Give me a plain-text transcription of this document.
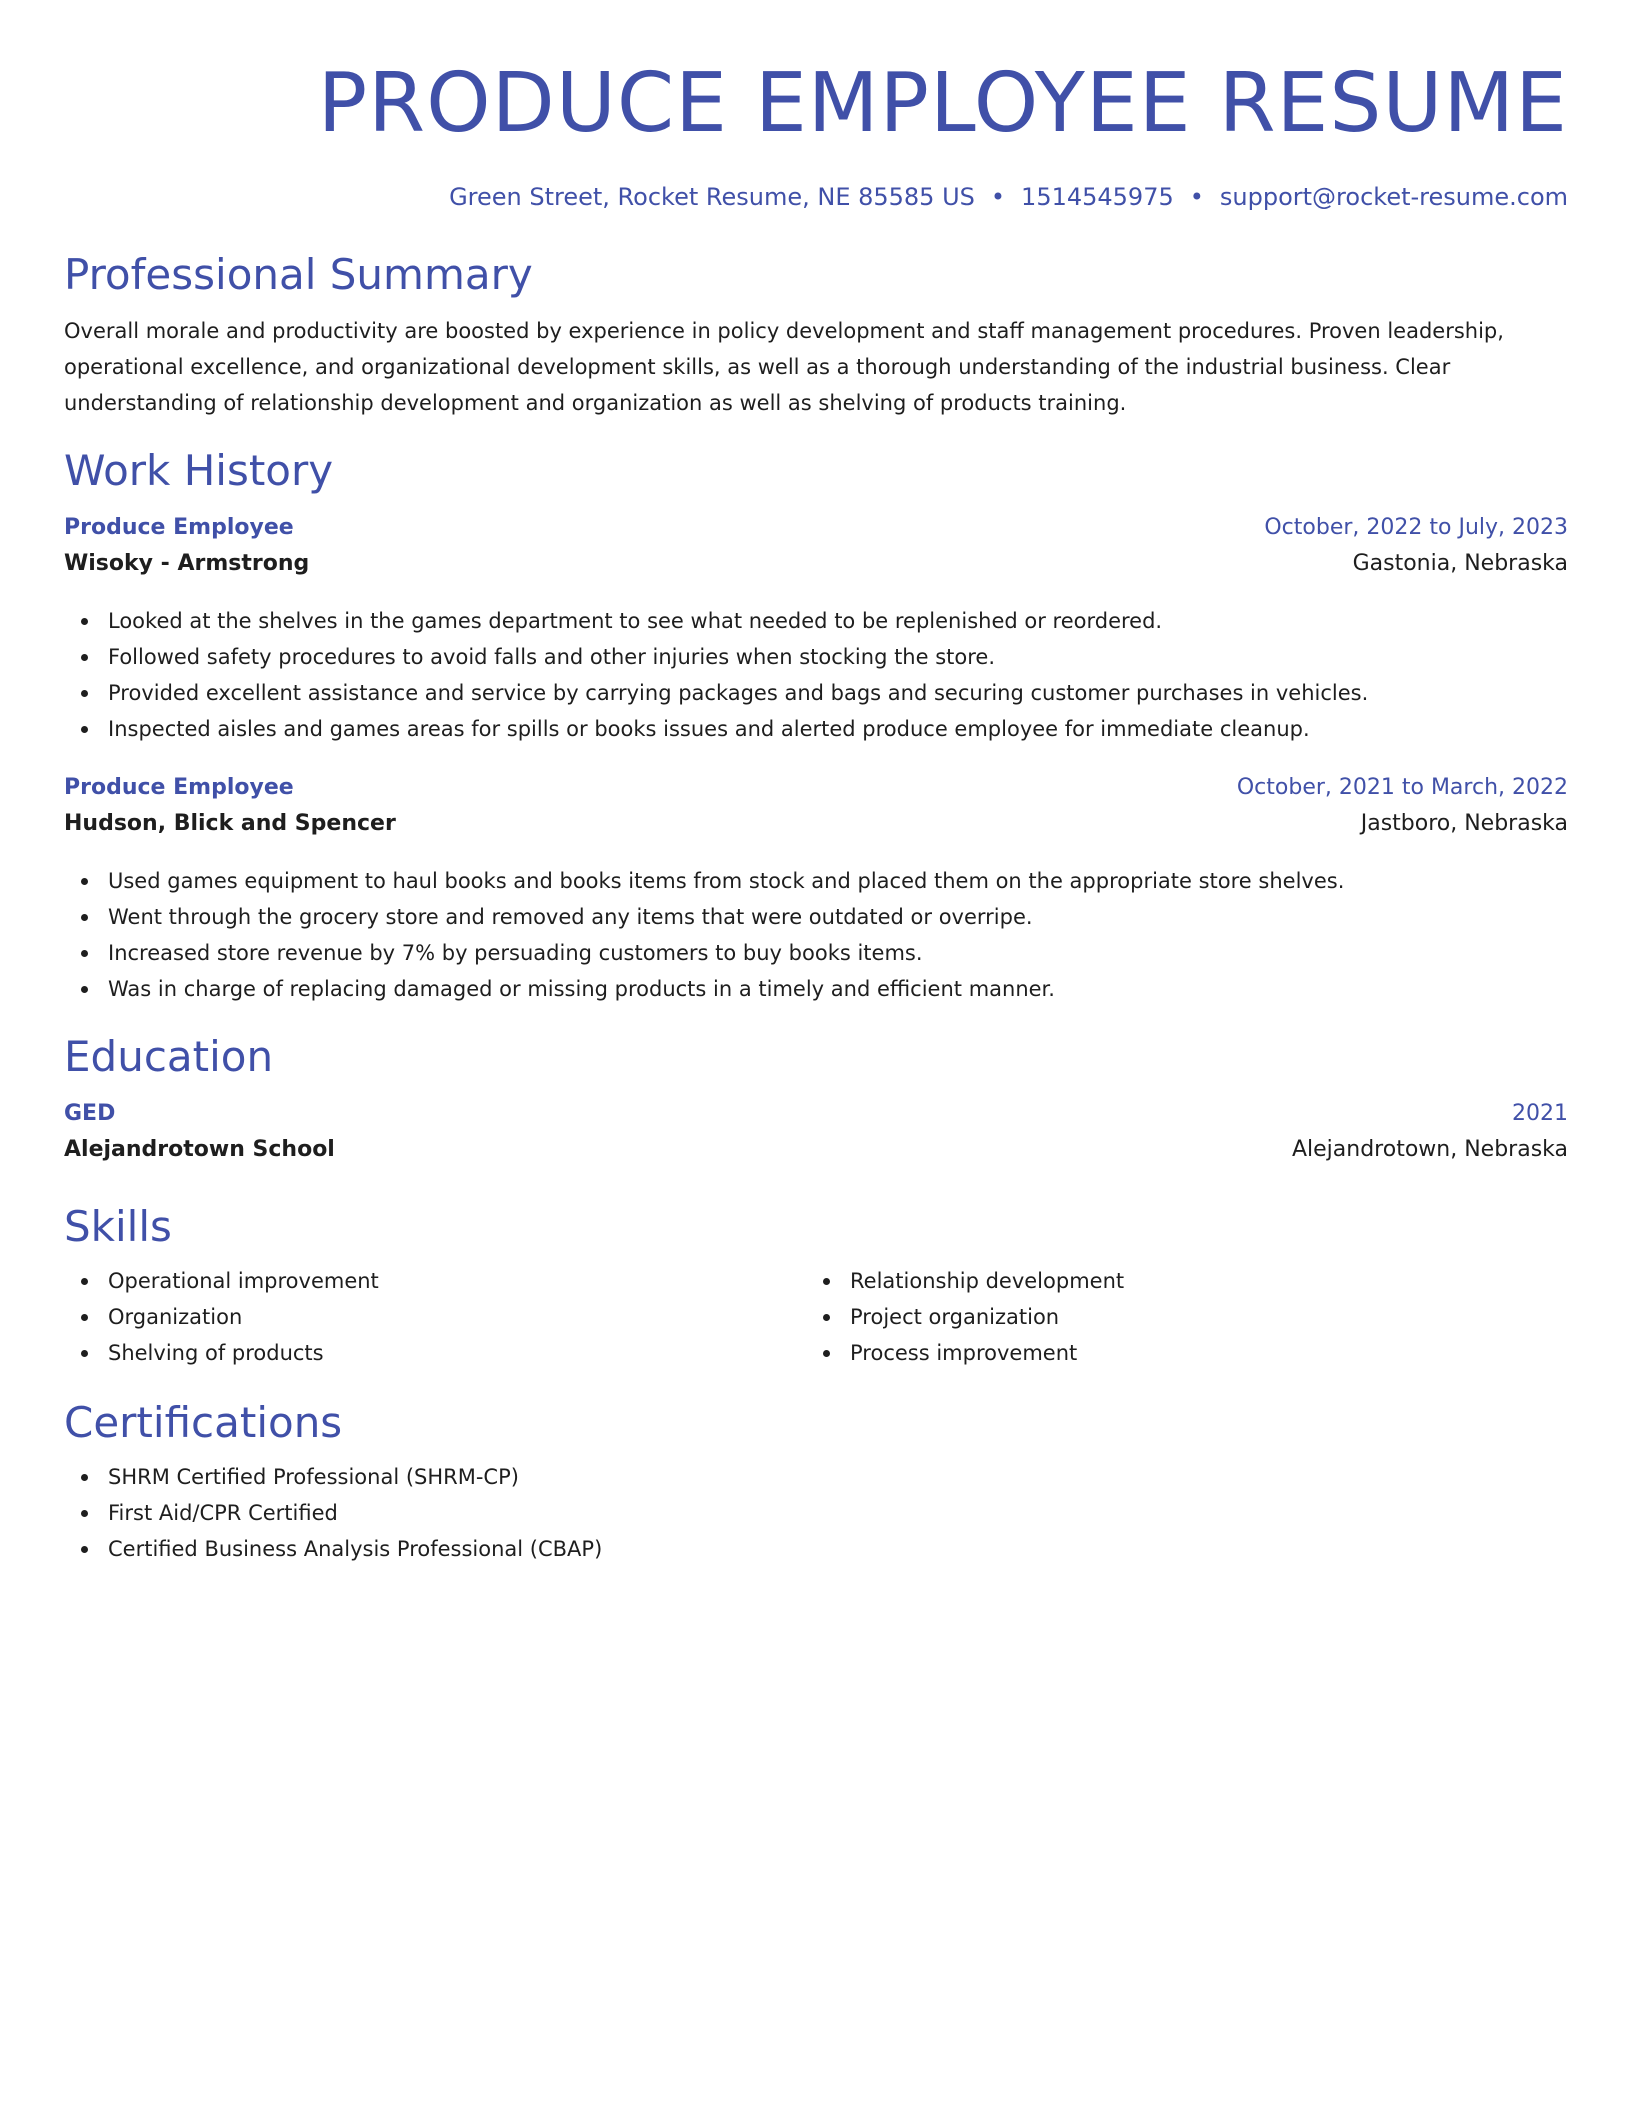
PRODUCE EMPLOYEE RESUME
Green Street, Rocket Resume, NE 85585 US • 1514545975 • support@rocket-resume.com
Professional Summary

Overall morale and productivity are boosted by experience in policy development and staff management procedures. Proven leadership, operational excellence, and organizational development skills, as well as a thorough understanding of the industrial business. Clear understanding of relationship development and organization as well as shelving of products training.

Work History
Produce Employee	October, 2022 to July, 2023
Wisoky - Armstrong	Gastonia, Nebraska
Looked at the shelves in the games department to see what needed to be replenished or reordered.
Followed safety procedures to avoid falls and other injuries when stocking the store.
Provided excellent assistance and service by carrying packages and bags and securing customer purchases in vehicles.
Inspected aisles and games areas for spills or books issues and alerted produce employee for immediate cleanup.
Produce Employee	October, 2021 to March, 2022
Hudson, Blick and Spencer	Jastboro, Nebraska
Used games equipment to haul books and books items from stock and placed them on the appropriate store shelves.
Went through the grocery store and removed any items that were outdated or overripe.
Increased store revenue by 7% by persuading customers to buy books items.
Was in charge of replacing damaged or missing products in a timely and efficient manner.
Education
GED	2021
Alejandrotown School	Alejandrotown, Nebraska
Skills
Operational improvement
Organization
Shelving of products
Relationship development
Project organization
Process improvement
Certifications
SHRM Certified Professional (SHRM-CP)
First Aid/CPR Certified
Certified Business Analysis Professional (CBAP)
